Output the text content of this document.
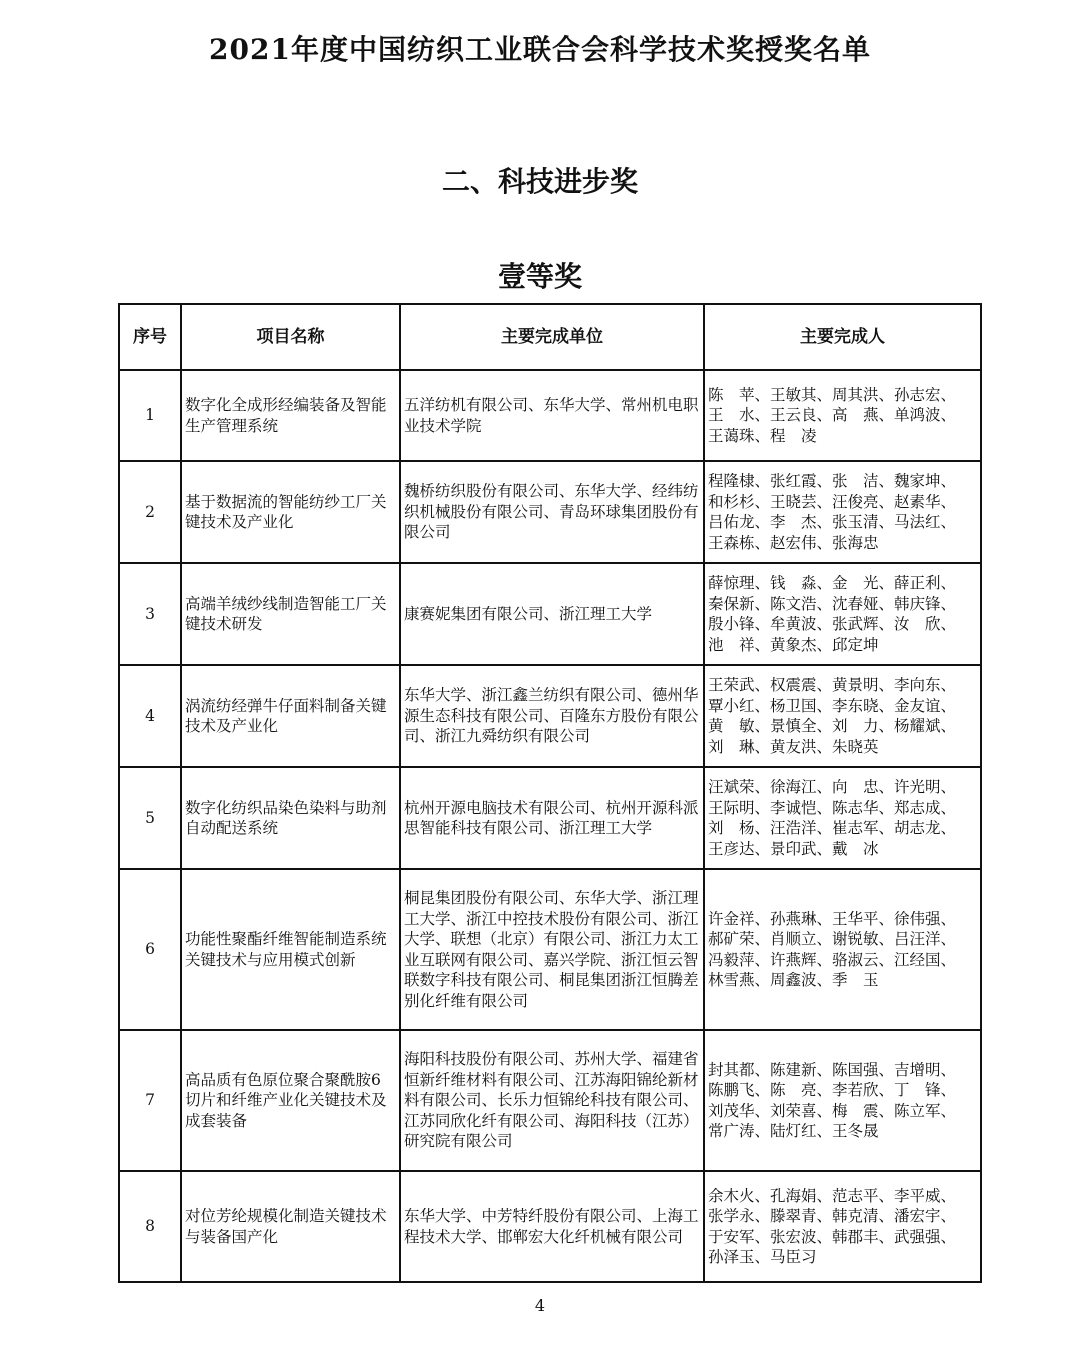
2021年度中国纺织工业联合会科学技术奖授奖名单
二、科技进步奖
壹等奖
序号	项目名称	主要完成单位	主要完成人
1	数字化全成形经编装备及智能生产管理系统	五洋纺机有限公司、东华大学、常州机电职业技术学院	陈　苹、王敏其、周其洪、孙志宏、
王　水、王云良、高　燕、单鸿波、
王蔼珠、程　凌
2	基于数据流的智能纺纱工厂关键技术及产业化	魏桥纺织股份有限公司、东华大学、经纬纺织机械股份有限公司、青岛环球集团股份有限公司	程隆棣、张红霞、张　洁、魏家坤、
和杉杉、王晓芸、汪俊亮、赵素华、
吕佑龙、李　杰、张玉清、马法红、
王森栋、赵宏伟、张海忠
3	高端羊绒纱线制造智能工厂关键技术研发	康赛妮集团有限公司、浙江理工大学	薛惊理、钱　淼、金　光、薛正利、
秦保新、陈文浩、沈春娅、韩庆锋、
殷小锋、牟黄波、张武辉、汝　欣、
池　祥、黄象杰、邱定坤
4	涡流纺经弹牛仔面料制备关键技术及产业化	东华大学、浙江鑫兰纺织有限公司、德州华源生态科技有限公司、百隆东方股份有限公司、浙江九舜纺织有限公司	王荣武、权震震、黄景明、李向东、
覃小红、杨卫国、李东晓、金友谊、
黄　敏、景慎全、刘　力、杨耀斌、
刘　琳、黄友洪、朱晓英
5	数字化纺织品染色染料与助剂自动配送系统	杭州开源电脑技术有限公司、杭州开源科派思智能科技有限公司、浙江理工大学	汪斌荣、徐海江、向　忠、许光明、
王际明、李诚恺、陈志华、郑志成、
刘　杨、汪浩洋、崔志军、胡志龙、
王彦达、景印武、戴　冰
6	功能性聚酯纤维智能制造系统关键技术与应用模式创新	桐昆集团股份有限公司、东华大学、浙江理工大学、浙江中控技术股份有限公司、浙江大学、联想（北京）有限公司、浙江力太工业互联网有限公司、嘉兴学院、浙江恒云智联数字科技有限公司、桐昆集团浙江恒腾差别化纤维有限公司	许金祥、孙燕琳、王华平、徐伟强、
郝矿荣、肖顺立、谢锐敏、吕汪洋、
冯毅萍、许燕辉、骆淑云、江经国、
林雪燕、周鑫波、季　玉
7	高品质有色原位聚合聚酰胺6切片和纤维产业化关键技术及成套装备	海阳科技股份有限公司、苏州大学、福建省恒新纤维材料有限公司、江苏海阳锦纶新材料有限公司、长乐力恒锦纶科技有限公司、江苏同欣化纤有限公司、海阳科技（江苏）研究院有限公司	封其都、陈建新、陈国强、吉增明、
陈鹏飞、陈　亮、李若欣、丁　锋、
刘茂华、刘荣喜、梅　震、陈立军、
常广涛、陆灯红、王冬晟
8	对位芳纶规模化制造关键技术与装备国产化	东华大学、中芳特纤股份有限公司、上海工程技术大学、邯郸宏大化纤机械有限公司	余木火、孔海娟、范志平、李平威、
张学永、滕翠青、韩克清、潘宏宇、
于安军、张宏波、韩郡丰、武强强、
孙泽玉、马臣习
4
